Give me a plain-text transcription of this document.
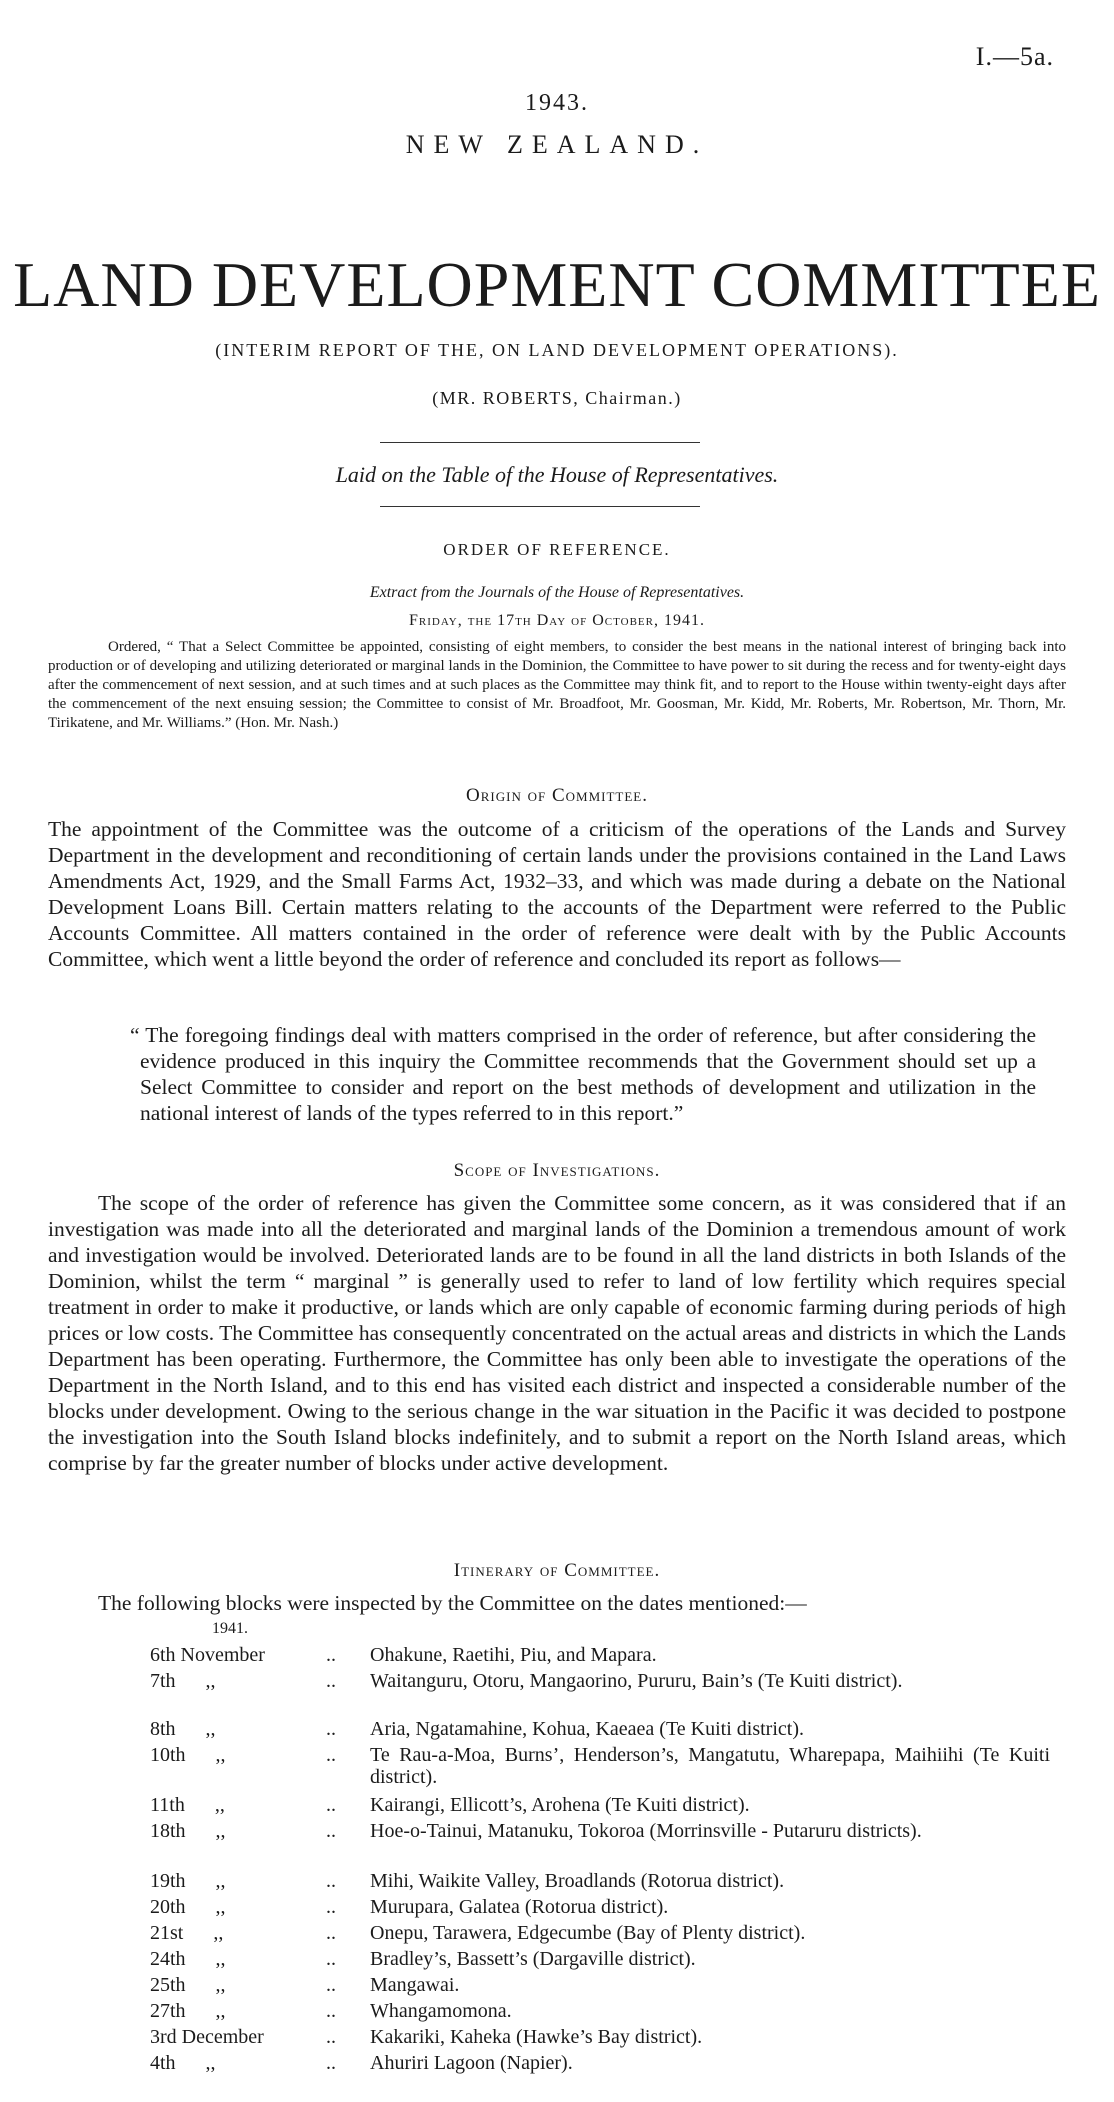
I.—5a.
1943.
NEW ZEALAND.
LAND DEVELOPMENT COMMITTEE
(INTERIM REPORT OF THE, ON LAND DEVELOPMENT OPERATIONS).
(MR. ROBERTS, Chairman.)
Laid on the Table of the House of Representatives.
ORDER OF REFERENCE.
Extract from the Journals of the House of Representatives.
Friday, the 17th Day of October, 1941.
Ordered, “ That a Select Committee be appointed, consisting of eight members, to consider the best means in the national interest of bringing back into production or of developing and utilizing deteriorated or marginal lands in the Dominion, the Committee to have power to sit during the recess and for twenty-eight days after the commencement of next session, and at such times and at such places as the Committee may think fit, and to report to the House within twenty-eight days after the commencement of the next ensuing session; the Committee to consist of Mr. Broadfoot, Mr. Goosman, Mr. Kidd, Mr. Roberts, Mr. Robertson, Mr. Thorn, Mr. Tirikatene, and Mr. Williams.” (Hon. Mr. Nash.)
Origin of Committee.
The appointment of the Committee was the outcome of a criticism of the operations of the Lands and Survey Department in the development and reconditioning of certain lands under the provisions contained in the Land Laws Amendments Act, 1929, and the Small Farms Act, 1932–33, and which was made during a debate on the National Development Loans Bill. Certain matters relating to the accounts of the Department were referred to the Public Accounts Committee. All matters contained in the order of reference were dealt with by the Public Accounts Committee, which went a little beyond the order of reference and concluded its report as follows—
“ The foregoing findings deal with matters comprised in the order of reference, but after considering the evidence produced in this inquiry the Committee recommends that the Government should set up a Select Committee to consider and report on the best methods of development and utilization in the national interest of lands of the types referred to in this report.”
Scope of Investigations.
The scope of the order of reference has given the Committee some concern, as it was considered that if an investigation was made into all the deteriorated and marginal lands of the Dominion a tremendous amount of work and investigation would be involved. Deteriorated lands are to be found in all the land districts in both Islands of the Dominion, whilst the term “ marginal ” is generally used to refer to land of low fertility which requires special treatment in order to make it productive, or lands which are only capable of economic farming during periods of high prices or low costs. The Committee has consequently concentrated on the actual areas and districts in which the Lands Department has been operating. Furthermore, the Committee has only been able to investigate the operations of the Department in the North Island, and to this end has visited each district and inspected a considerable number of the blocks under development. Owing to the serious change in the war situation in the Pacific it was decided to postpone the investigation into the South Island blocks indefinitely, and to submit a report on the North Island areas, which comprise by far the greater number of blocks under active development.
Itinerary of Committee.
The following blocks were inspected by the Committee on the dates mentioned:—
1941.
6th November	.. Ohakune, Raetihi, Piu, and Mapara.
7th      ,,	.. Waitanguru, Otoru, Mangaorino, Pururu, Bain’s (Te Kuiti district).
8th      ,,	.. Aria, Ngatamahine, Kohua, Kaeaea (Te Kuiti district).
10th      ,,	.. Te Rau-a-Moa, Burns’, Henderson’s, Mangatutu, Wharepapa, Maihiihi (Te Kuiti district).
11th      ,,	.. Kairangi, Ellicott’s, Arohena (Te Kuiti district).
18th      ,,	.. Hoe-o-Tainui, Matanuku, Tokoroa (Morrinsville - Putaruru districts).
19th      ,,	.. Mihi, Waikite Valley, Broadlands (Rotorua district).
20th      ,,	.. Murupara, Galatea (Rotorua district).
21st      ,,	.. Onepu, Tarawera, Edgecumbe (Bay of Plenty district).
24th      ,,	.. Bradley’s, Bassett’s (Dargaville district).
25th      ,,	.. Mangawai.
27th      ,,	.. Whangamomona.
3rd December	.. Kakariki, Kaheka (Hawke’s Bay district).
4th      ,,	.. Ahuriri Lagoon (Napier).
